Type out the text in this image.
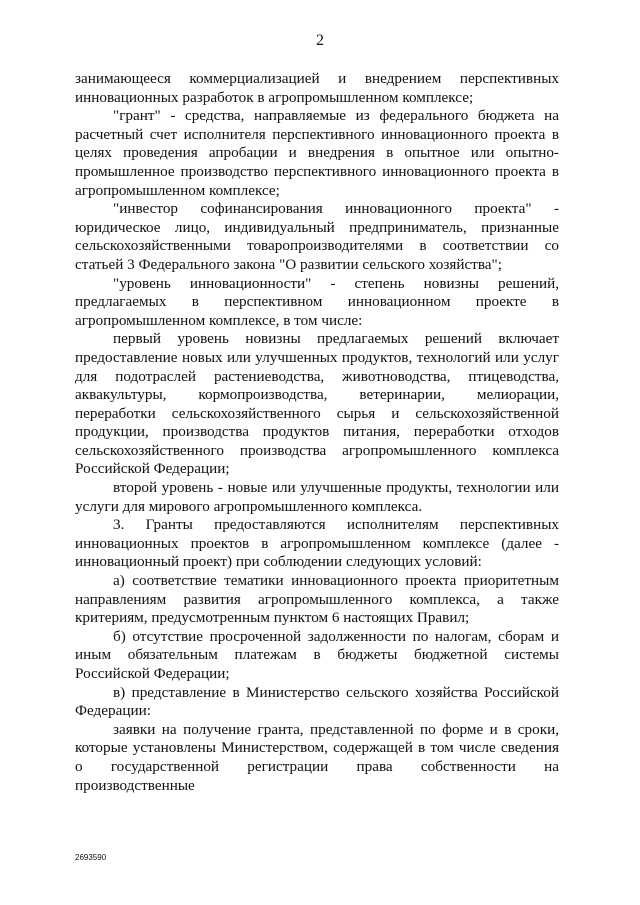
2

занимающееся коммерциализацией и внедрением перспективных инновационных разработок в агропромышленном комплексе;

"грант" - средства, направляемые из федерального бюджета на расчетный счет исполнителя перспективного инновационного проекта в целях проведения апробации и внедрения в опытное или опытно-промышленное производство перспективного инновационного проекта в агропромышленном комплексе;

"инвестор софинансирования инновационного проекта" - юридическое лицо, индивидуальный предприниматель, признанные сельскохозяйственными товаропроизводителями в соответствии со статьей 3 Федерального закона "О развитии сельского хозяйства";

"уровень инновационности" - степень новизны решений, предлагаемых в перспективном инновационном проекте в агропромышленном комплексе, в том числе:

первый уровень новизны предлагаемых решений включает предоставление новых или улучшенных продуктов, технологий или услуг для подотраслей растениеводства, животноводства, птицеводства, аквакультуры, кормопроизводства, ветеринарии, мелиорации, переработки сельскохозяйственного сырья и сельскохозяйственной продукции, производства продуктов питания, переработки отходов сельскохозяйственного производства агропромышленного комплекса Российской Федерации;

второй уровень - новые или улучшенные продукты, технологии или услуги для мирового агропромышленного комплекса.

3. Гранты предоставляются исполнителям перспективных инновационных проектов в агропромышленном комплексе (далее - инновационный проект) при соблюдении следующих условий:

а) соответствие тематики инновационного проекта приоритетным направлениям развития агропромышленного комплекса, а также критериям, предусмотренным пунктом 6 настоящих Правил;

б) отсутствие просроченной задолженности по налогам, сборам и иным обязательным платежам в бюджеты бюджетной системы Российской Федерации;

в) представление в Министерство сельского хозяйства Российской Федерации:

заявки на получение гранта, представленной по форме и в сроки, которые установлены Министерством, содержащей в том числе сведения о государственной регистрации права собственности на производственные

2693590
